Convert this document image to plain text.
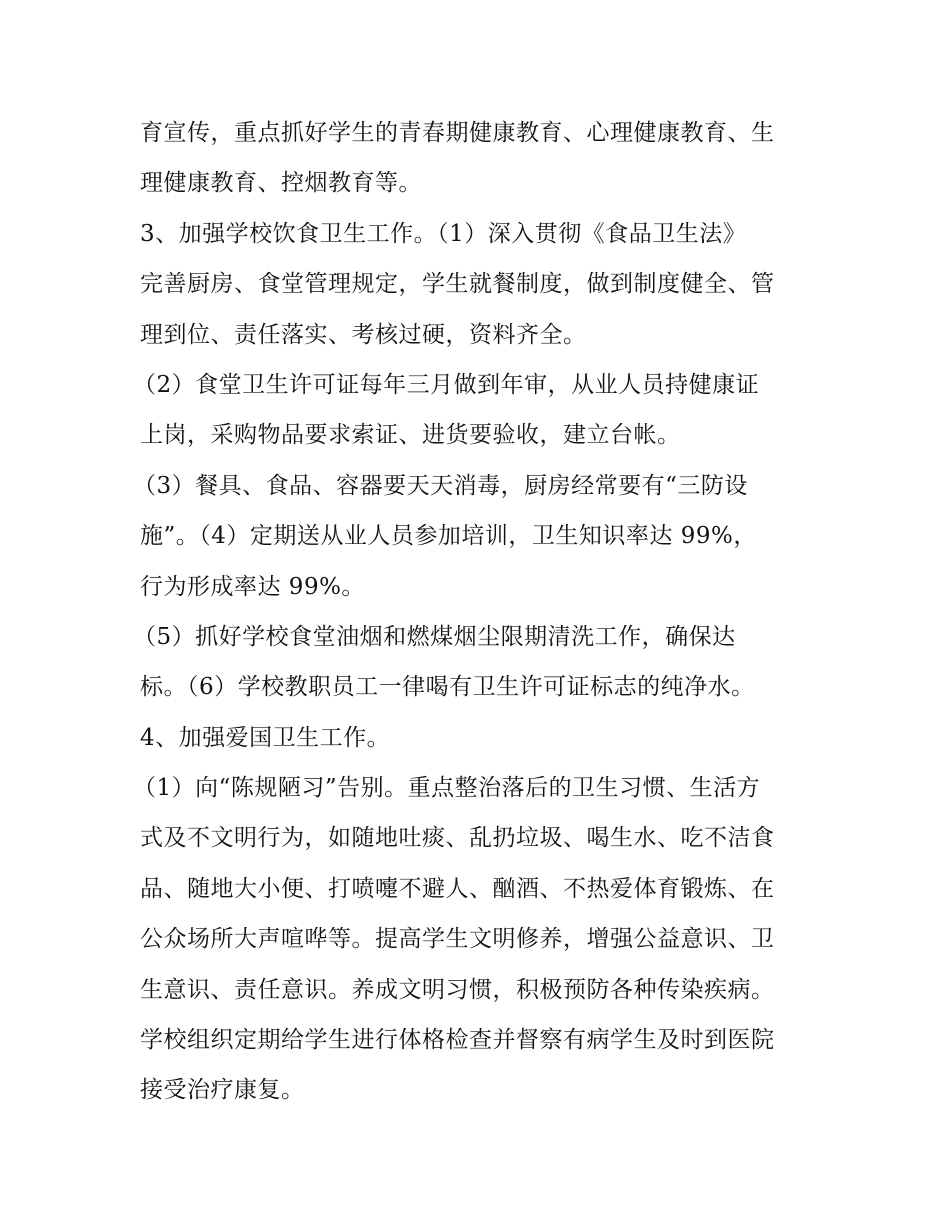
育宣传，重点抓好学生的青春期健康教育、心理健康教育、生
理健康教育、控烟教育等。
3、加强学校饮食卫生工作。（1）深入贯彻《食品卫生法》
完善厨房、食堂管理规定，学生就餐制度，做到制度健全、管
理到位、责任落实、考核过硬，资料齐全。
（2）食堂卫生许可证每年三月做到年审，从业人员持健康证
上岗，采购物品要求索证、进货要验收，建立台帐。
（3）餐具、食品、容器要天天消毒，厨房经常要有“三防设
施”。（4）定期送从业人员参加培训，卫生知识率达 99%，
行为形成率达 99%。
（5）抓好学校食堂油烟和燃煤烟尘限期清洗工作，确保达
标。（6）学校教职员工一律喝有卫生许可证标志的纯净水。
4、加强爱国卫生工作。
（1）向“陈规陋习”告别。重点整治落后的卫生习惯、生活方
式及不文明行为，如随地吐痰、乱扔垃圾、喝生水、吃不洁食
品、随地大小便、打喷嚏不避人、酗酒、不热爱体育锻炼、在
公众场所大声喧哗等。提高学生文明修养，增强公益意识、卫
生意识、责任意识。养成文明习惯，积极预防各种传染疾病。
学校组织定期给学生进行体格检查并督察有病学生及时到医院
接受治疗康复。
